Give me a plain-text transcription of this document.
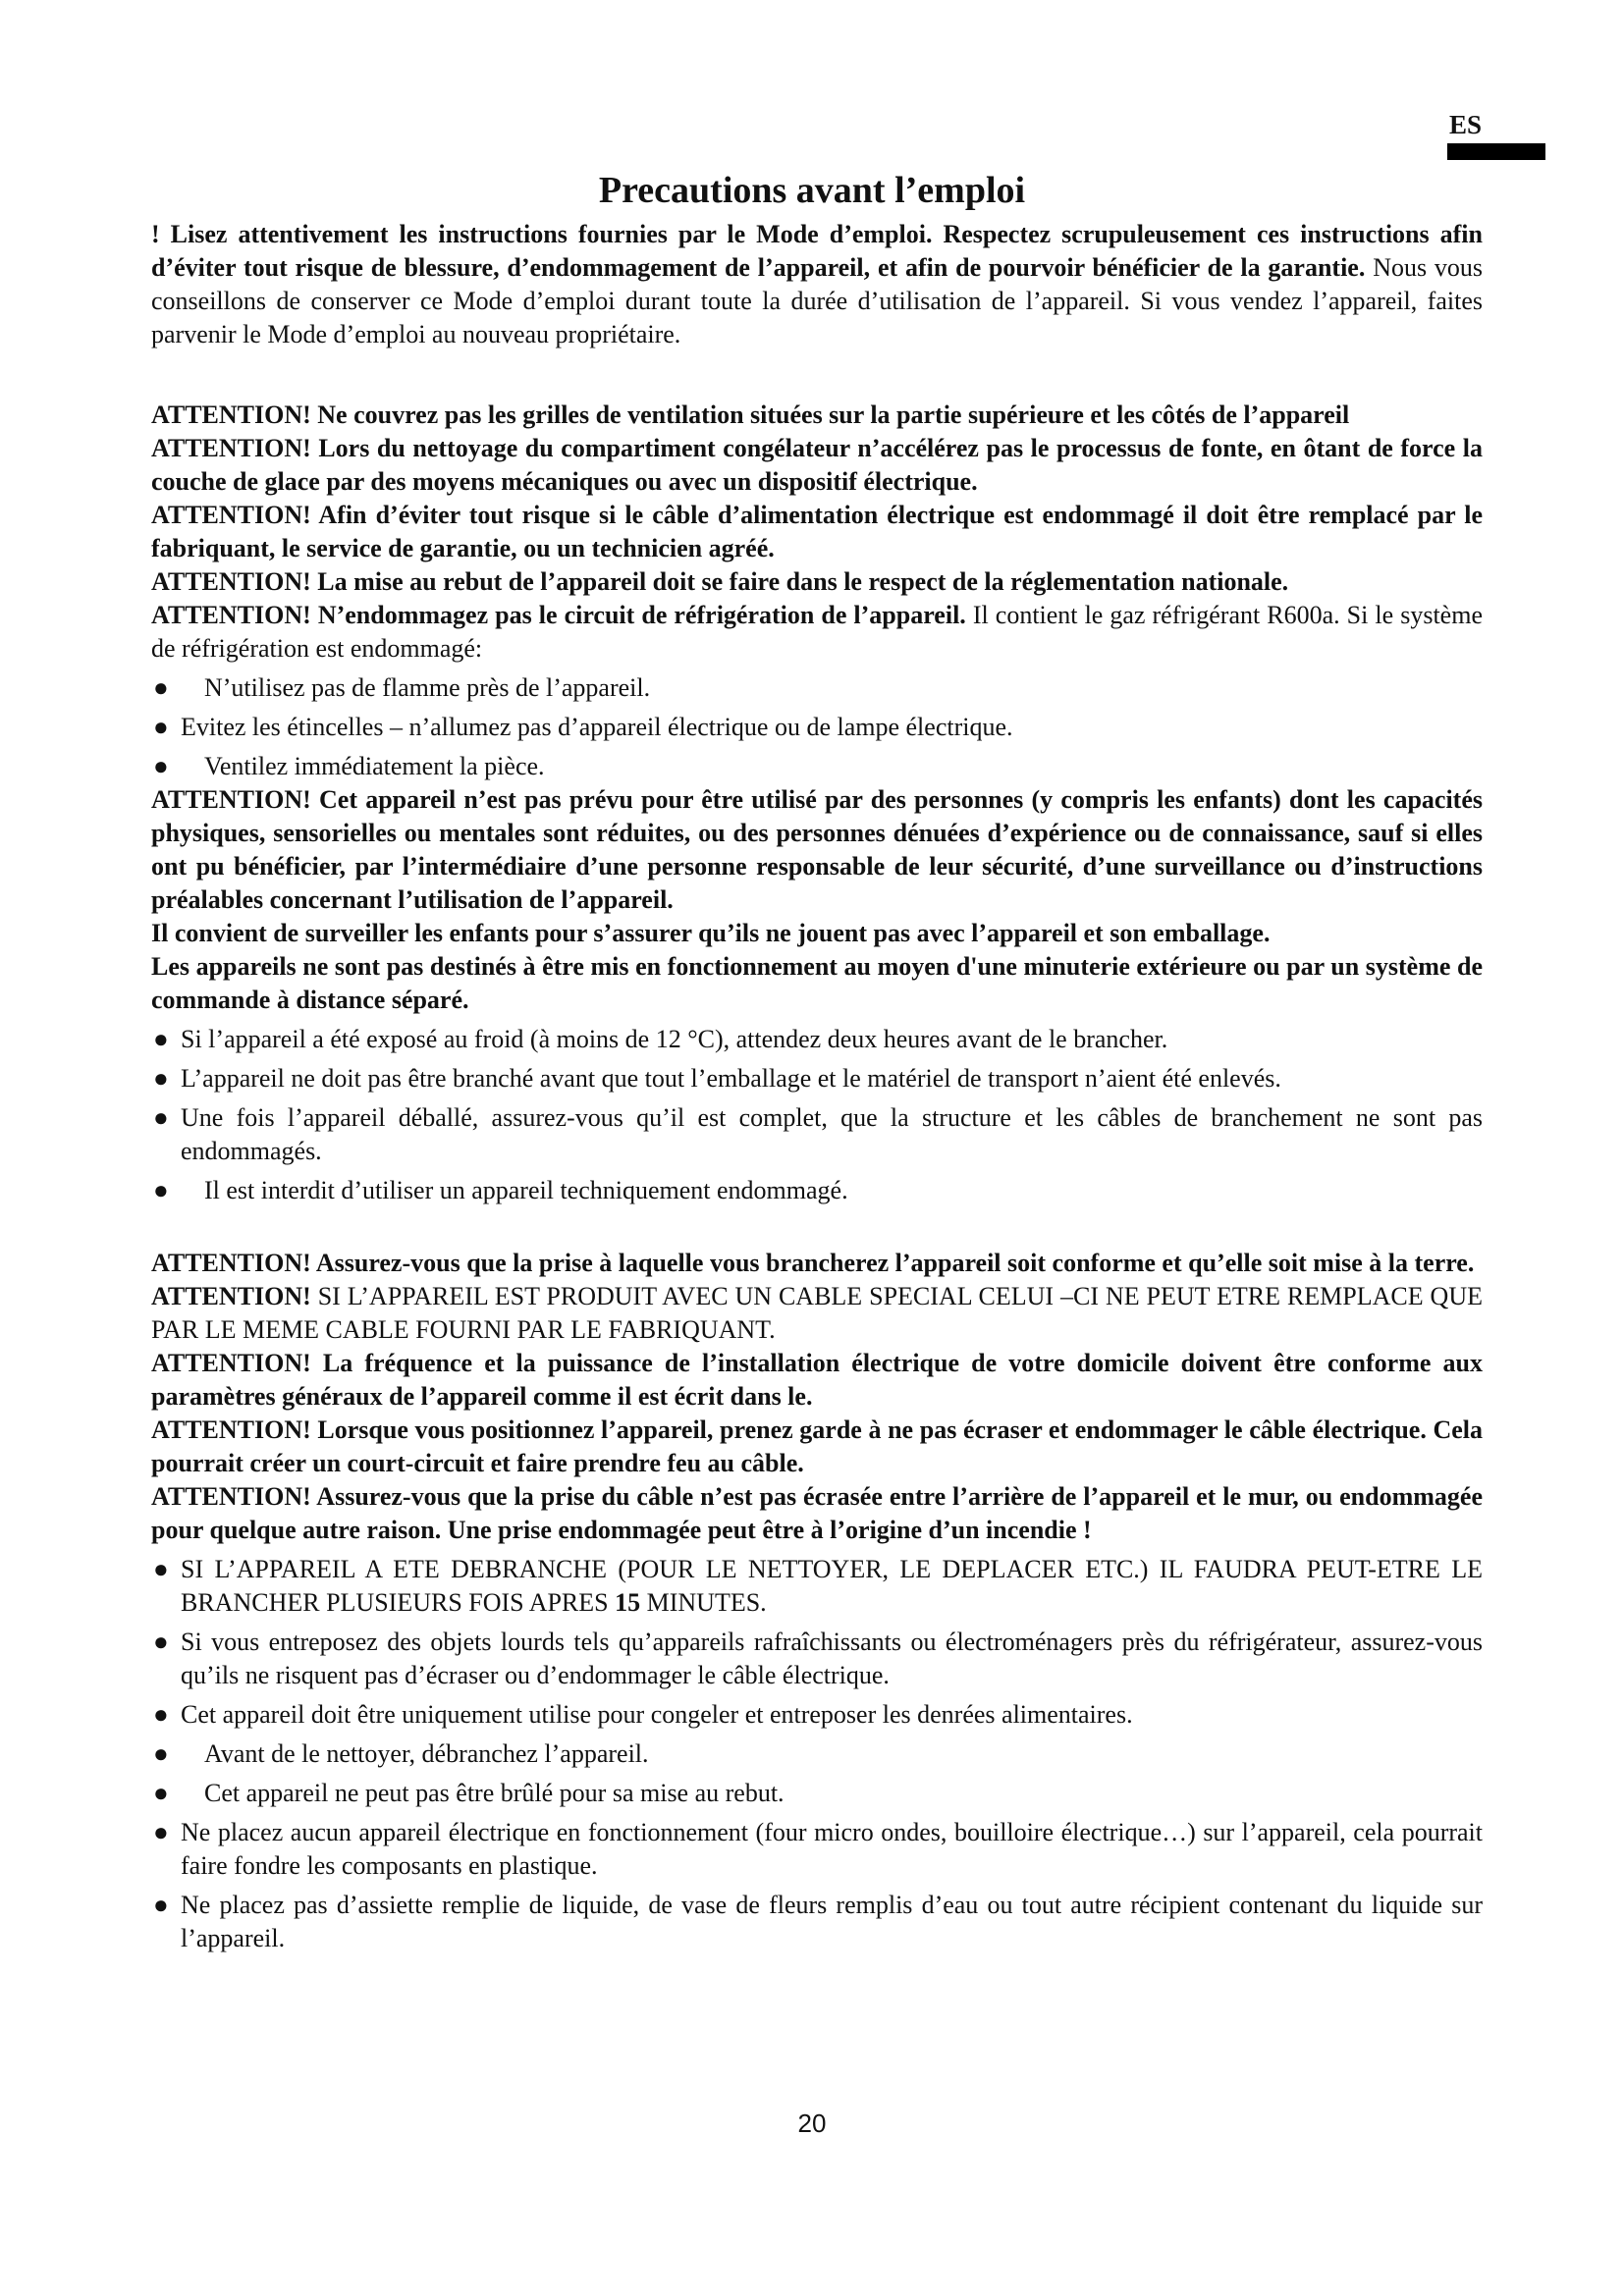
ES
Precautions avant l’emploi

! Lisez attentivement les instructions fournies par le Mode d’emploi. Respectez scrupuleusement ces instructions afin d’éviter tout risque de blessure, d’endommagement de l’appareil, et afin de pourvoir bénéficier de la garantie. Nous vous conseillons de conserver ce Mode d’emploi durant toute la durée d’utilisation de l’appareil. Si vous vendez l’appareil, faites parvenir le Mode d’emploi au nouveau propriétaire.

ATTENTION! Ne couvrez pas les grilles de ventilation situées sur la partie supérieure et les côtés de l’appareil

ATTENTION! Lors du nettoyage du compartiment congélateur n’accélérez pas le processus de fonte, en ôtant de force la couche de glace par des moyens mécaniques ou avec un dispositif électrique.

ATTENTION! Afin d’éviter tout risque si le câble d’alimentation électrique est endommagé il doit être remplacé par le fabriquant, le service de garantie, ou un technicien agréé.

ATTENTION! La mise au rebut de l’appareil doit se faire dans le respect de la réglementation nationale.

ATTENTION! N’endommagez pas le circuit de réfrigération de l’appareil. Il contient le gaz réfrigérant R600a. Si le système de réfrigération est endommagé:

● N’utilisez pas de flamme près de l’appareil.
● Evitez les étincelles – n’allumez pas d’appareil électrique ou de lampe électrique.
● Ventilez immédiatement la pièce.

ATTENTION! Cet appareil n’est pas prévu pour être utilisé par des personnes (y compris les enfants) dont les capacités physiques, sensorielles ou mentales sont réduites, ou des personnes dénuées d’expérience ou de connaissance, sauf si elles ont pu bénéficier, par l’intermédiaire d’une personne responsable de leur sécurité, d’une surveillance ou d’instructions préalables concernant l’utilisation de l’appareil.

Il convient de surveiller les enfants pour s’assurer qu’ils ne jouent pas avec l’appareil et son emballage.

Les appareils ne sont pas destinés à être mis en fonctionnement au moyen d'une minuterie extérieure ou par un système de commande à distance séparé.

● Si l’appareil a été exposé au froid (à moins de 12 °C), attendez deux heures avant de le brancher.
● L’appareil ne doit pas être branché avant que tout l’emballage et le matériel de transport n’aient été enlevés.
● Une fois l’appareil déballé, assurez-vous qu’il est complet, que la structure et les câbles de branchement ne sont pas endommagés.
● Il est interdit d’utiliser un appareil techniquement endommagé.

ATTENTION! Assurez-vous que la prise à laquelle vous brancherez l’appareil soit conforme et qu’elle soit mise à la terre.

ATTENTION! SI L’APPAREIL EST PRODUIT AVEC UN CABLE SPECIAL CELUI –CI NE PEUT ETRE REMPLACE QUE PAR LE MEME CABLE FOURNI PAR LE FABRIQUANT.

ATTENTION! La fréquence et la puissance de l’installation électrique de votre domicile doivent être conforme aux paramètres généraux de l’appareil comme il est écrit dans le.

ATTENTION! Lorsque vous positionnez l’appareil, prenez garde à ne pas écraser et endommager le câble électrique. Cela pourrait créer un court-circuit et faire prendre feu au câble.

ATTENTION! Assurez-vous que la prise du câble n’est pas écrasée entre l’arrière de l’appareil et le mur, ou endommagée pour quelque autre raison. Une prise endommagée peut être à l’origine d’un incendie !

● SI L’APPAREIL A ETE DEBRANCHE (POUR LE NETTOYER, LE DEPLACER ETC.) IL FAUDRA PEUT-ETRE LE BRANCHER PLUSIEURS FOIS APRES 15 MINUTES.
● Si vous entreposez des objets lourds tels qu’appareils rafraîchissants ou électroménagers près du réfrigérateur, assurez-vous qu’ils ne risquent pas d’écraser ou d’endommager le câble électrique.
● Cet appareil doit être uniquement utilise pour congeler et entreposer les denrées alimentaires.
● Avant de le nettoyer, débranchez l’appareil.
● Cet appareil ne peut pas être brûlé pour sa mise au rebut.
● Ne placez aucun appareil électrique en fonctionnement (four micro ondes, bouilloire électrique…) sur l’appareil, cela pourrait faire fondre les composants en plastique.
● Ne placez pas d’assiette remplie de liquide, de vase de fleurs remplis d’eau ou tout autre récipient contenant du liquide sur l’appareil.
20
